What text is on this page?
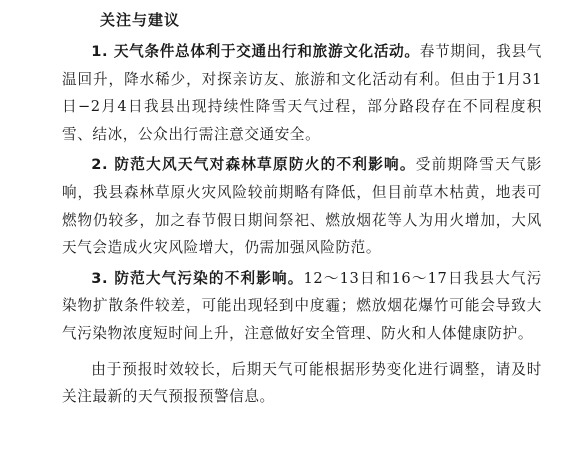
关注与建议

1. 天气条件总体利于交通出行和旅游文化活动。春节期间，我县气温回升，降水稀少，对探亲访友、旅游和文化活动有利。但由于1月31日−2月4日我县出现持续性降雪天气过程，部分路段存在不同程度积雪、结冰，公众出行需注意交通安全。

2. 防范大风天气对森林草原防火的不利影响。受前期降雪天气影响，我县森林草原火灾风险较前期略有降低，但目前草木枯黄，地表可燃物仍较多，加之春节假日期间祭祀、燃放烟花等人为用火增加，大风天气会造成火灾风险增大，仍需加强风险防范。

3. 防范大气污染的不利影响。12～13日和16～17日我县大气污染物扩散条件较差，可能出现轻到中度霾；燃放烟花爆竹可能会导致大气污染物浓度短时间上升，注意做好安全管理、防火和人体健康防护。

由于预报时效较长，后期天气可能根据形势变化进行调整，请及时关注最新的天气预报预警信息。
